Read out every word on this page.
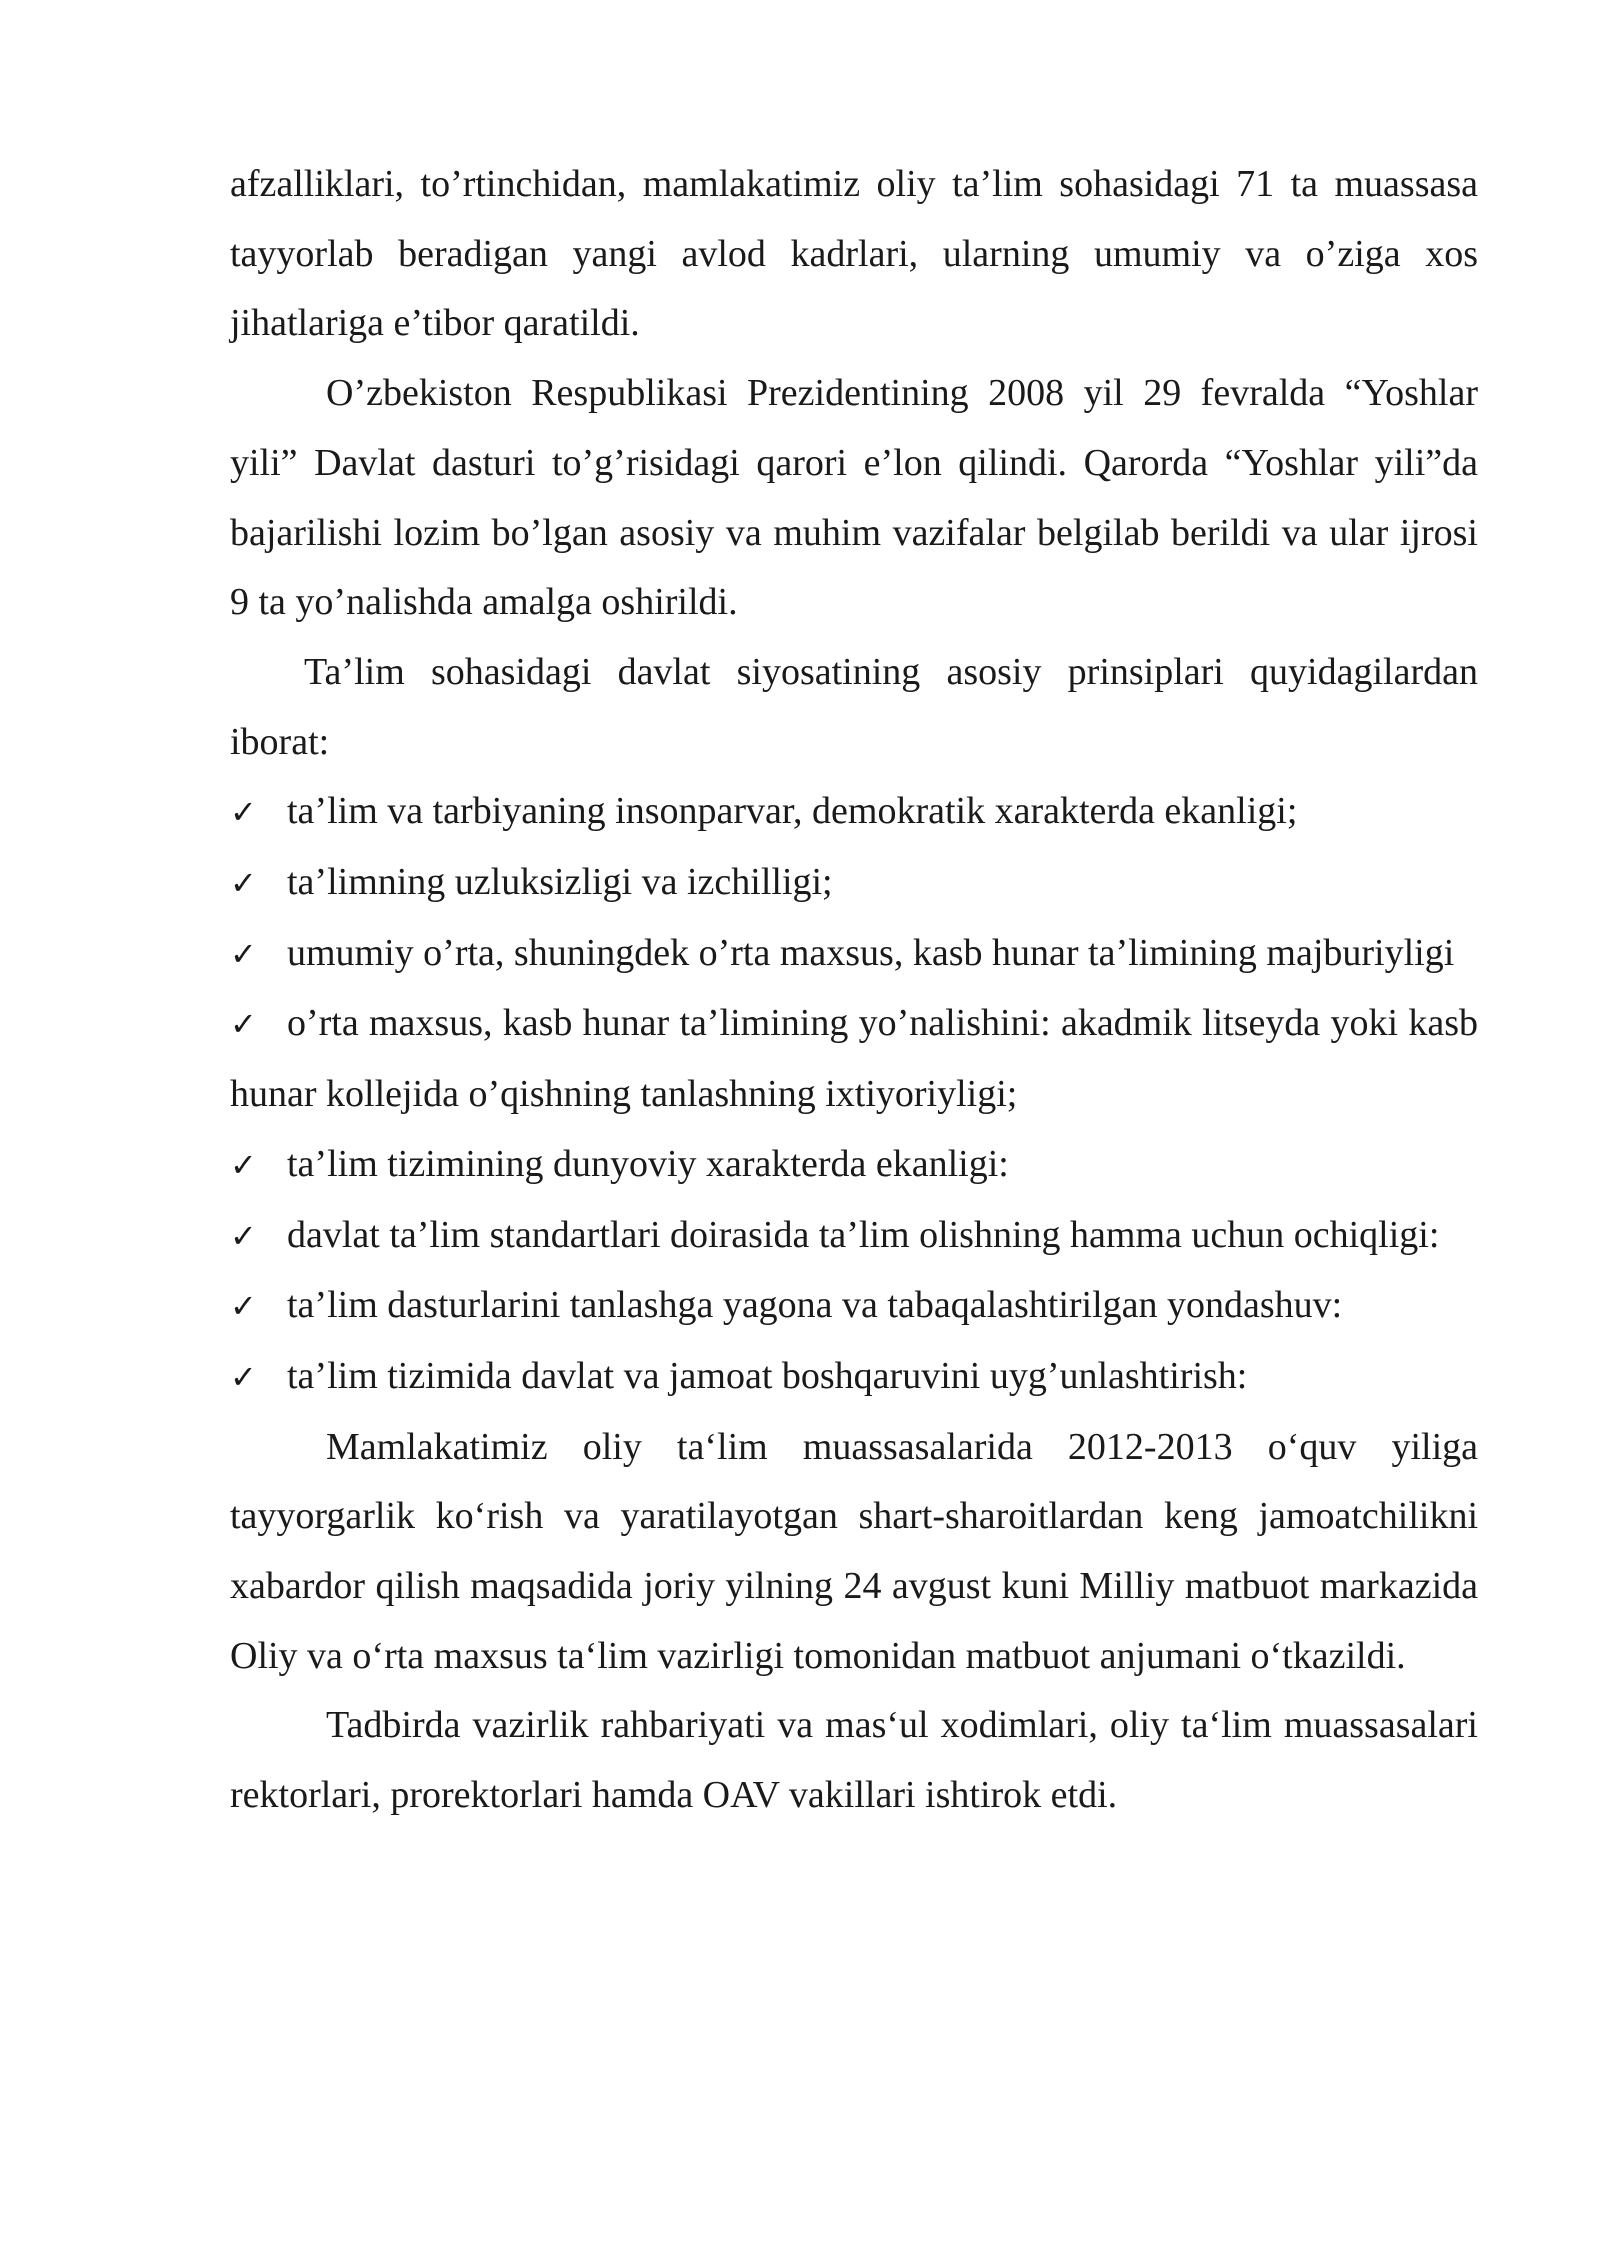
afzalliklari, to’rtinchidan, mamlakatimiz oliy ta’lim sohasidagi 71 ta muassasa tayyorlab beradigan yangi avlod kadrlari, ularning umumiy va o’ziga xos jihatlariga e’tibor qaratildi.

O’zbekiston Respublikasi Prezidentining 2008 yil 29 fevralda “Yoshlar yili” Davlat dasturi to’g’risidagi qarori e’lon qilindi. Qarorda “Yoshlar yili”da bajarilishi lozim bo’lgan asosiy va muhim vazifalar belgilab berildi va ular ijrosi 9 ta yo’nalishda amalga oshirildi.

Ta’lim sohasidagi davlat siyosatining asosiy prinsiplari quyidagilardan iborat:

✓ ta’lim va tarbiyaning insonparvar, demokratik xarakterda ekanligi;
✓ ta’limning uzluksizligi va izchilligi;
✓ umumiy o’rta, shuningdek o’rta maxsus, kasb hunar ta’limining majburiyligi
✓ o’rta maxsus, kasb hunar ta’limining yo’nalishini: akadmik litseyda yoki kasb hunar kollejida o’qishning tanlashning ixtiyoriyligi;
✓ ta’lim tizimining dunyoviy xarakterda ekanligi:
✓ davlat ta’lim standartlari doirasida ta’lim olishning hamma uchun ochiqligi:
✓ ta’lim dasturlarini tanlashga yagona va tabaqalashtirilgan yondashuv:
✓ ta’lim tizimida davlat va jamoat boshqaruvini uyg’unlashtirish:

Mamlakatimiz oliy ta‘lim muassasalarida 2012-2013 o‘quv yiliga tayyorgarlik ko‘rish va yaratilayotgan shart-sharoitlardan keng jamoatchilikni xabardor qilish maqsadida joriy yilning 24 avgust kuni Milliy matbuot markazida Oliy va o‘rta maxsus ta‘lim vazirligi tomonidan matbuot anjumani o‘tkazildi.

Tadbirda vazirlik rahbariyati va mas‘ul xodimlari, oliy ta‘lim muassasalari rektorlari, prorektorlari hamda OAV vakillari ishtirok etdi.
